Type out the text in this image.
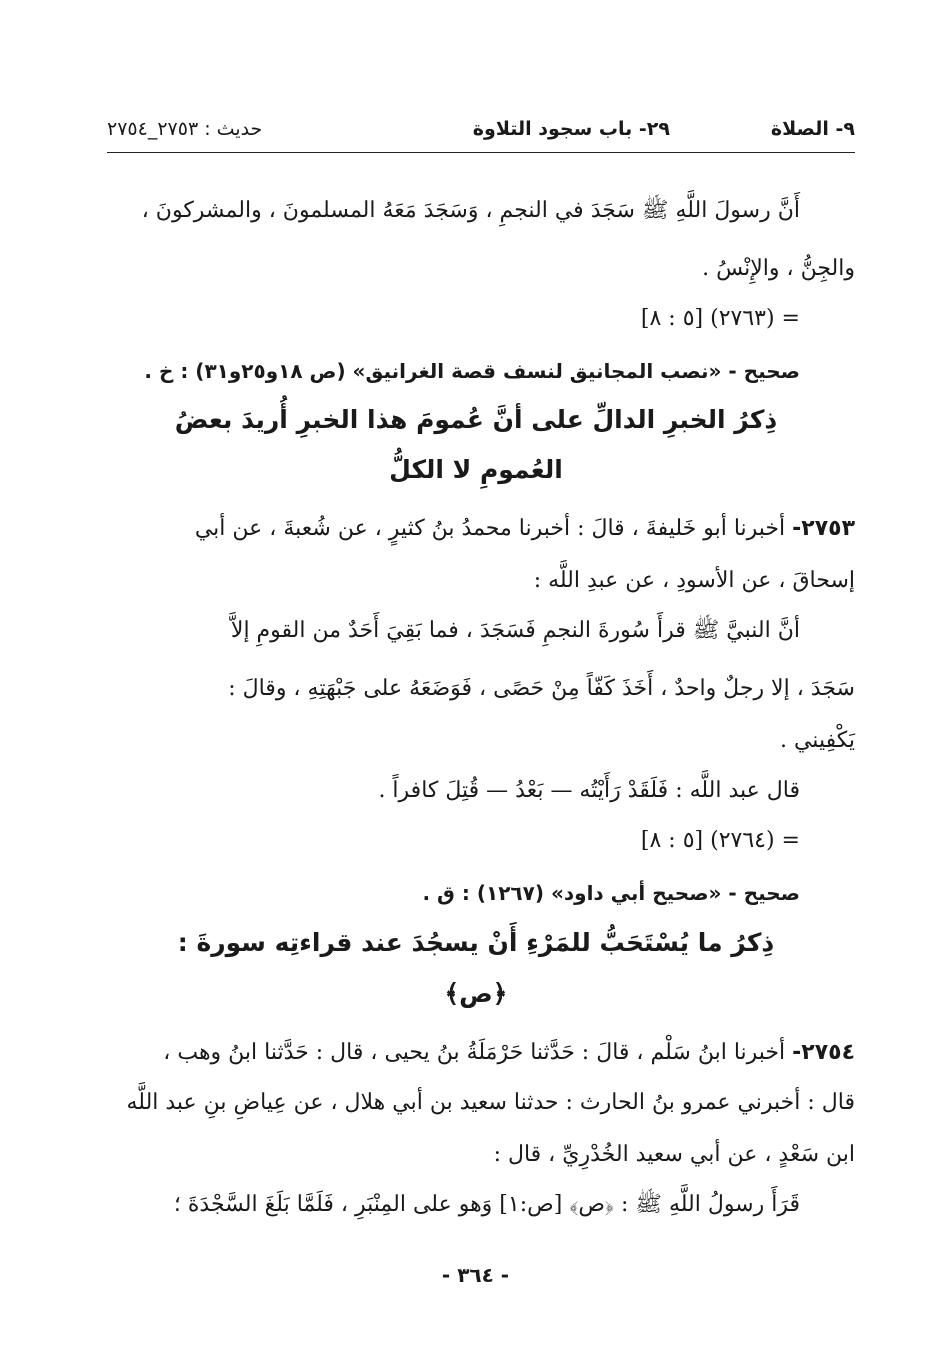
٩- الصلاة
٢٩- باب سجود التلاوة
حديث : ٢٧٥٣_٢٧٥٤
أَنَّ رسولَ اللَّهِ ﷺ سَجَدَ في النجمِ ، وَسَجَدَ مَعَهُ المسلمونَ ، والمشركونَ ،
والجِنُّ ، والإِنْسُ .
= (٢٧٦٣) [٥ : ٨]
صحيح - «نصب المجانيق لنسف قصة الغرانيق» (ص ١٨و٢٥و٣١) : خ .
ذِكرُ الخبرِ الدالِّ على أنَّ عُمومَ هذا الخبرِ أُريدَ بعضُ
العُمومِ لا الكلُّ
٢٧٥٣- أخبرنا أبو خَليفةَ ، قالَ : أخبرنا محمدُ بنُ كثيرٍ ، عن شُعبةَ ، عن أبي
إسحاقَ ، عن الأسودِ ، عن عبدِ اللَّه :
أنَّ النبيَّ ﷺ قرأَ سُورةَ النجمِ فَسَجَدَ ، فما بَقِيَ أَحَدٌ من القومِ إلاَّ
سَجَدَ ، إلا رجلٌ واحدٌ ، أَخَذَ كَفّاً مِنْ حَصًى ، فَوَضَعَهُ على جَبْهَتِهِ ، وقالَ :
يَكْفِيني .
قال عبد اللَّه : فَلَقَدْ رَأَيْتُه — بَعْدُ — قُتِلَ كافراً .
= (٢٧٦٤) [٥ : ٨]
صحيح - «صحيح أبي داود» (١٢٦٧) : ق .
ذِكرُ ما يُسْتَحَبُّ للمَرْءِ أَنْ يسجُدَ عند قراءتِه سورةَ :
﴿ص﴾
٢٧٥٤- أخبرنا ابنُ سَلْم ، قالَ : حَدَّثنا حَرْمَلَةُ بنُ يحيى ، قال : حَدَّثنا ابنُ وهب ،
قال : أخبرني عمرو بنُ الحارث : حدثنا سعيد بن أبي هلال ، عن عِياضِ بنِ عبد اللَّه
ابن سَعْدٍ ، عن أبي سعيد الخُدْرِيِّ ، قال :
قَرَأَ رسولُ اللَّهِ ﷺ : ﴿ص﴾ [ص:١] وَهو على المِنْبَرِ ، فَلَمَّا بَلَغَ السَّجْدَةَ ؛
- ٣٦٤ -
